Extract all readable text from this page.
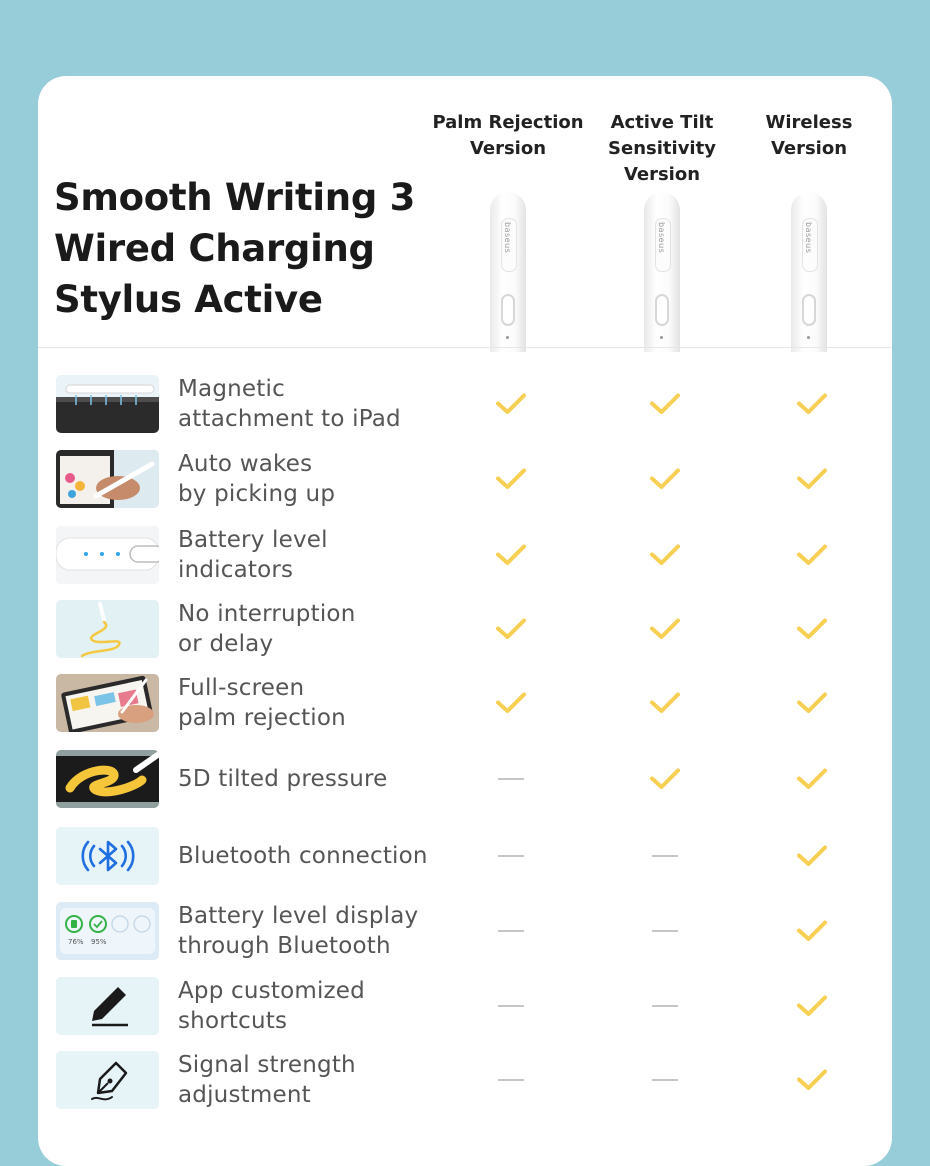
Smooth Writing 3
Wired Charging
Stylus Active
Palm Rejection
Version
Active Tilt
Sensitivity
Version
Wireless
Version
baseus	baseus	baseus
Magnetic
attachment to iPad
Auto wakes
by picking up
Battery level
indicators
No interruption
or delay
Full-screen
palm rejection
5D tilted pressure
Bluetooth connection
76% 95%
Battery level display
through Bluetooth
App customized
shortcuts
Signal strength
adjustment
